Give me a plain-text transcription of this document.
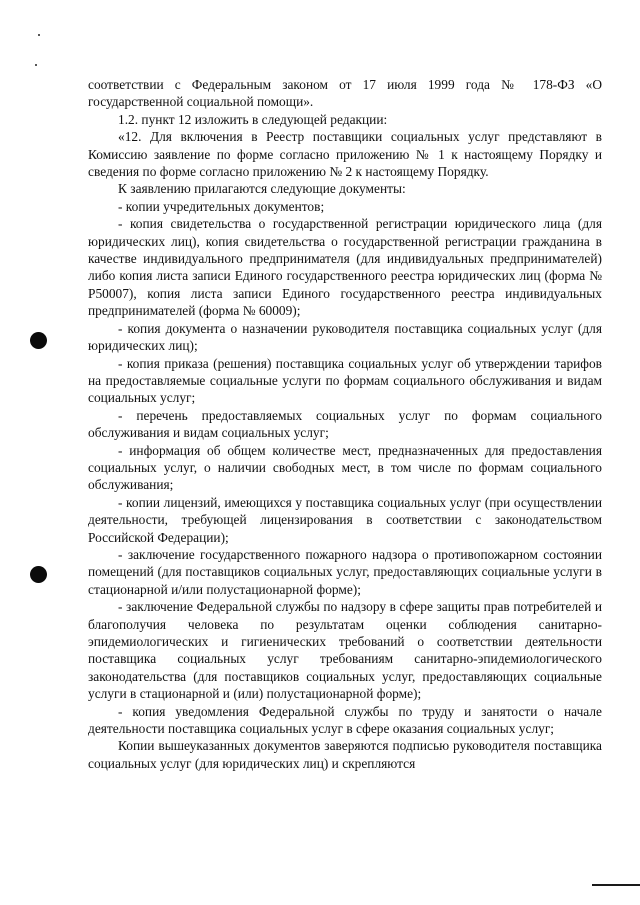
соответствии с Федеральным законом от 17 июля 1999 года № 178-ФЗ «О государственной социальной помощи».

1.2. пункт 12 изложить в следующей редакции:

«12. Для включения в Реестр поставщики социальных услуг представляют в Комиссию заявление по форме согласно приложению № 1 к настоящему Порядку и сведения по форме согласно приложению № 2 к настоящему Порядку.

К заявлению прилагаются следующие документы:

- копии учредительных документов;

- копия свидетельства о государственной регистрации юридического лица (для юридических лиц), копия свидетельства о государственной регистрации гражданина в качестве индивидуального предпринимателя (для индивидуальных предпринимателей) либо копия листа записи Единого государственного реестра юридических лиц (форма № Р50007), копия листа записи Единого государственного реестра индивидуальных предпринимателей (форма № 60009);

- копия документа о назначении руководителя поставщика социальных услуг (для юридических лиц);

- копия приказа (решения) поставщика социальных услуг об утверждении тарифов на предоставляемые социальные услуги по формам социального обслуживания и видам социальных услуг;

- перечень предоставляемых социальных услуг по формам социального обслуживания и видам социальных услуг;

- информация об общем количестве мест, предназначенных для предоставления социальных услуг, о наличии свободных мест, в том числе по формам социального обслуживания;

- копии лицензий, имеющихся у поставщика социальных услуг (при осуществлении деятельности, требующей лицензирования в соответствии с законодательством Российской Федерации);

- заключение государственного пожарного надзора о противопожарном состоянии помещений (для поставщиков социальных услуг, предоставляющих социальные услуги в стационарной и/или полустационарной форме);

- заключение Федеральной службы по надзору в сфере защиты прав потребителей и благополучия человека по результатам оценки соблюдения санитарно-эпидемиологических и гигиенических требований о соответствии деятельности поставщика социальных услуг требованиям санитарно-эпидемиологического законодательства (для поставщиков социальных услуг, предоставляющих социальные услуги в стационарной и (или) полустационарной форме);

- копия уведомления Федеральной службы по труду и занятости о начале деятельности поставщика социальных услуг в сфере оказания социальных услуг;

Копии вышеуказанных документов заверяются подписью руководителя поставщика социальных услуг (для юридических лиц) и скрепляются
